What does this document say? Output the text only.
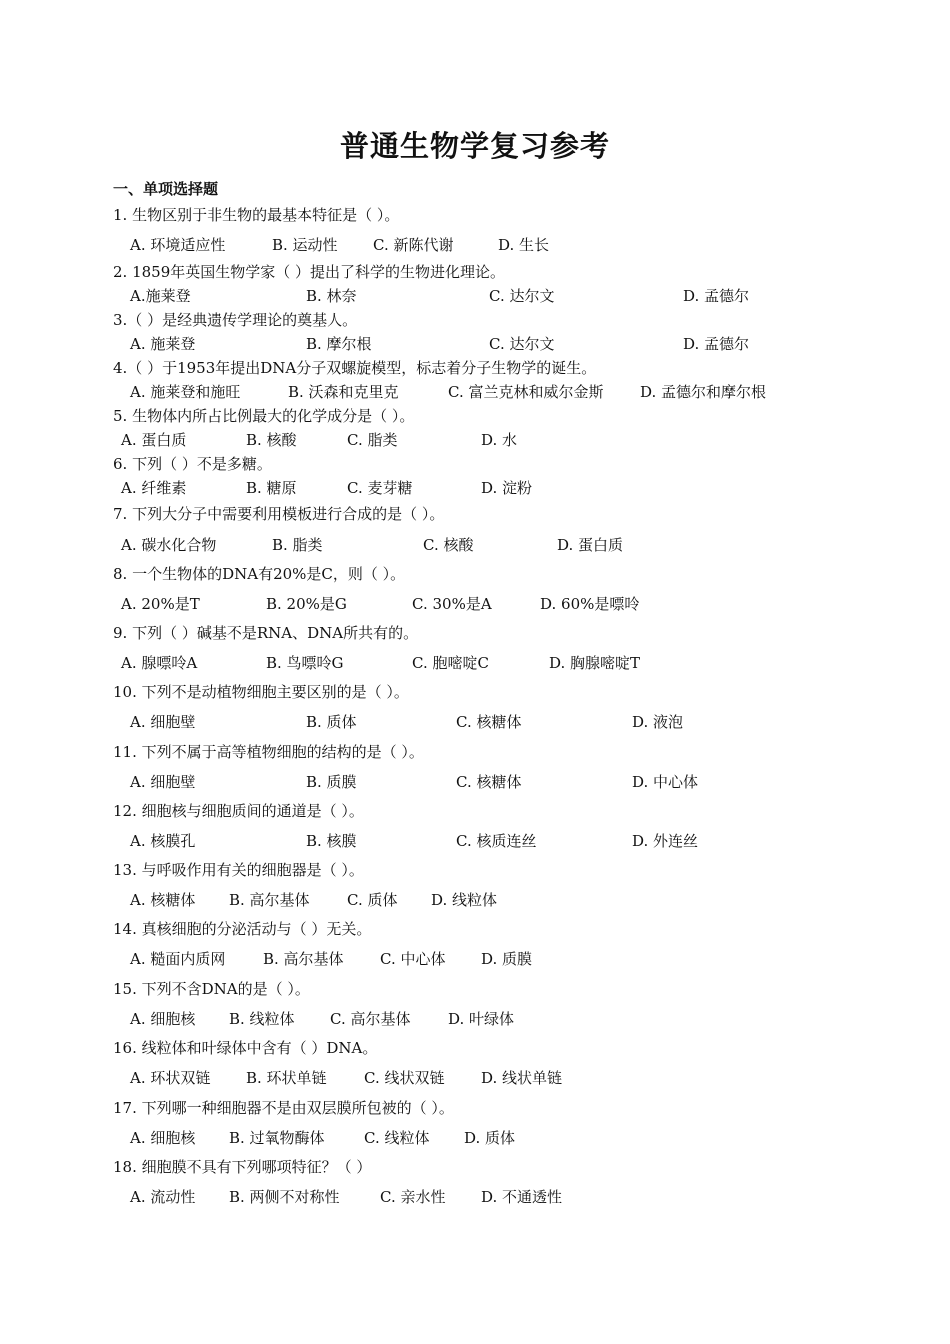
普通生物学复习参考
一、单项选择题
1. 生物区别于非生物的最基本特征是（ ）。
A. 环境适应性	B. 运动性 C. 新陈代谢	D. 生长
2. 1859年英国生物学家（ ）提出了科学的生物进化理论。
A.施莱登	B. 林奈	C. 达尔文	D. 孟德尔
3.（ ）是经典遗传学理论的奠基人。
A. 施莱登	B. 摩尔根	C. 达尔文	D. 孟德尔
4.（ ）于1953年提出DNA分子双螺旋模型，标志着分子生物学的诞生。
A. 施莱登和施旺	B. 沃森和克里克	C. 富兰克林和威尔金斯 D. 孟德尔和摩尔根
5. 生物体内所占比例最大的化学成分是（ ）。
A. 蛋白质	B. 核酸	C. 脂类	D. 水
6. 下列（ ）不是多糖。
A. 纤维素	B. 糖原	C. 麦芽糖	D. 淀粉
7. 下列大分子中需要利用模板进行合成的是（ ）。
A. 碳水化合物	B. 脂类	C. 核酸	D. 蛋白质
8. 一个生物体的DNA有20%是C，则（ ）。
A. 20%是T	B. 20%是G	C. 30%是A	D. 60%是嘌呤
9. 下列（ ）碱基不是RNA、DNA所共有的。
A. 腺嘌呤A	B. 鸟嘌呤G	C. 胞嘧啶C	D. 胸腺嘧啶T
10. 下列不是动植物细胞主要区别的是（ ）。
A. 细胞壁	B. 质体	C. 核糖体	D. 液泡
11. 下列不属于高等植物细胞的结构的是（ ）。
A. 细胞壁	B. 质膜	C. 核糖体	D. 中心体
12. 细胞核与细胞质间的通道是（ ）。
A. 核膜孔	B. 核膜	C. 核质连丝	D. 外连丝
13. 与呼吸作用有关的细胞器是（ ）。
A. 核糖体 B. 高尔基体 C. 质体 D. 线粒体
14. 真核细胞的分泌活动与（ ）无关。
A. 糙面内质网	B. 高尔基体 C. 中心体 D. 质膜
15. 下列不含DNA的是（ ）。
A. 细胞核 B. 线粒体 C. 高尔基体	D. 叶绿体
16. 线粒体和叶绿体中含有（ ）DNA。
A. 环状双链 B. 环状单链 C. 线状双链 D. 线状单链
17. 下列哪一种细胞器不是由双层膜所包被的（ ）。
A. 细胞核 B. 过氧物酶体	C. 线粒体 D. 质体
18. 细胞膜不具有下列哪项特征？（ ）
A. 流动性 B. 两侧不对称性	C. 亲水性 D. 不通透性
